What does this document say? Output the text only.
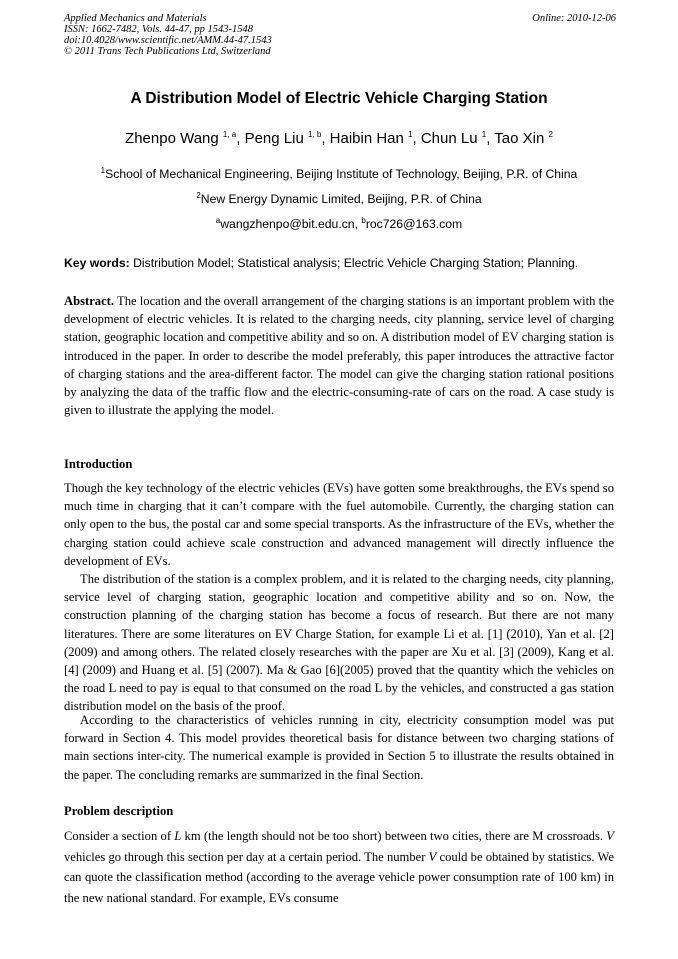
Applied Mechanics and Materials
ISSN: 1662-7482, Vols. 44-47, pp 1543-1548
doi:10.4028/www.scientific.net/AMM.44-47.1543
© 2011 Trans Tech Publications Ltd, Switzerland
Online: 2010-12-06
A Distribution Model of Electric Vehicle Charging Station
Zhenpo Wang $^{1, a}$, Peng Liu $^{1, b}$, Haibin Han $^1$, Chun Lu $^1$, Tao Xin $^2$
$^1$School of Mechanical Engineering, Beijing Institute of Technology, Beijing, P.R. of China
$^2$New Energy Dynamic Limited, Beijing, P.R. of China
$^a$wangzhenpo@bit.edu.cn, $^b$roc726@163.com
Key words: Distribution Model; Statistical analysis; Electric Vehicle Charging Station; Planning.
Abstract. The location and the overall arrangement of the charging stations is an important problem with the development of electric vehicles. It is related to the charging needs, city planning, service level of charging station, geographic location and competitive ability and so on. A distribution model of EV charging station is introduced in the paper. In order to describe the model preferably, this paper introduces the attractive factor of charging stations and the area-different factor. The model can give the charging station rational positions by analyzing the data of the traffic flow and the electric-consuming-rate of cars on the road. A case study is given to illustrate the applying the model.
Introduction
Though the key technology of the electric vehicles (EVs) have gotten some breakthroughs, the EVs spend so much time in charging that it can’t compare with the fuel automobile. Currently, the charging station can only open to the bus, the postal car and some special transports. As the infrastructure of the EVs, whether the charging station could achieve scale construction and advanced management will directly influence the development of EVs.
The distribution of the station is a complex problem, and it is related to the charging needs, city planning, service level of charging station, geographic location and competitive ability and so on. Now, the construction planning of the charging station has become a focus of research. But there are not many literatures. There are some literatures on EV Charge Station, for example Li et al. [1] (2010), Yan et al. [2] (2009) and among others. The related closely researches with the paper are Xu et al. [3] (2009), Kang et al. [4] (2009) and Huang et al. [5] (2007). Ma & Gao [6](2005) proved that the quantity which the vehicles on the road L need to pay is equal to that consumed on the road L by the vehicles, and constructed a gas station distribution model on the basis of the proof.
According to the characteristics of vehicles running in city, electricity consumption model was put forward in Section 4. This model provides theoretical basis for distance between two charging stations of main sections inter-city. The numerical example is provided in Section 5 to illustrate the results obtained in the paper. The concluding remarks are summarized in the final Section.
Problem description
Consider a section of L km (the length should not be too short) between two cities, there are M crossroads. V vehicles go through this section per day at a certain period. The number V could be obtained by statistics. We can quote the classification method (according to the average vehicle power consumption rate of 100 km) in the new national standard. For example, EVs consume
